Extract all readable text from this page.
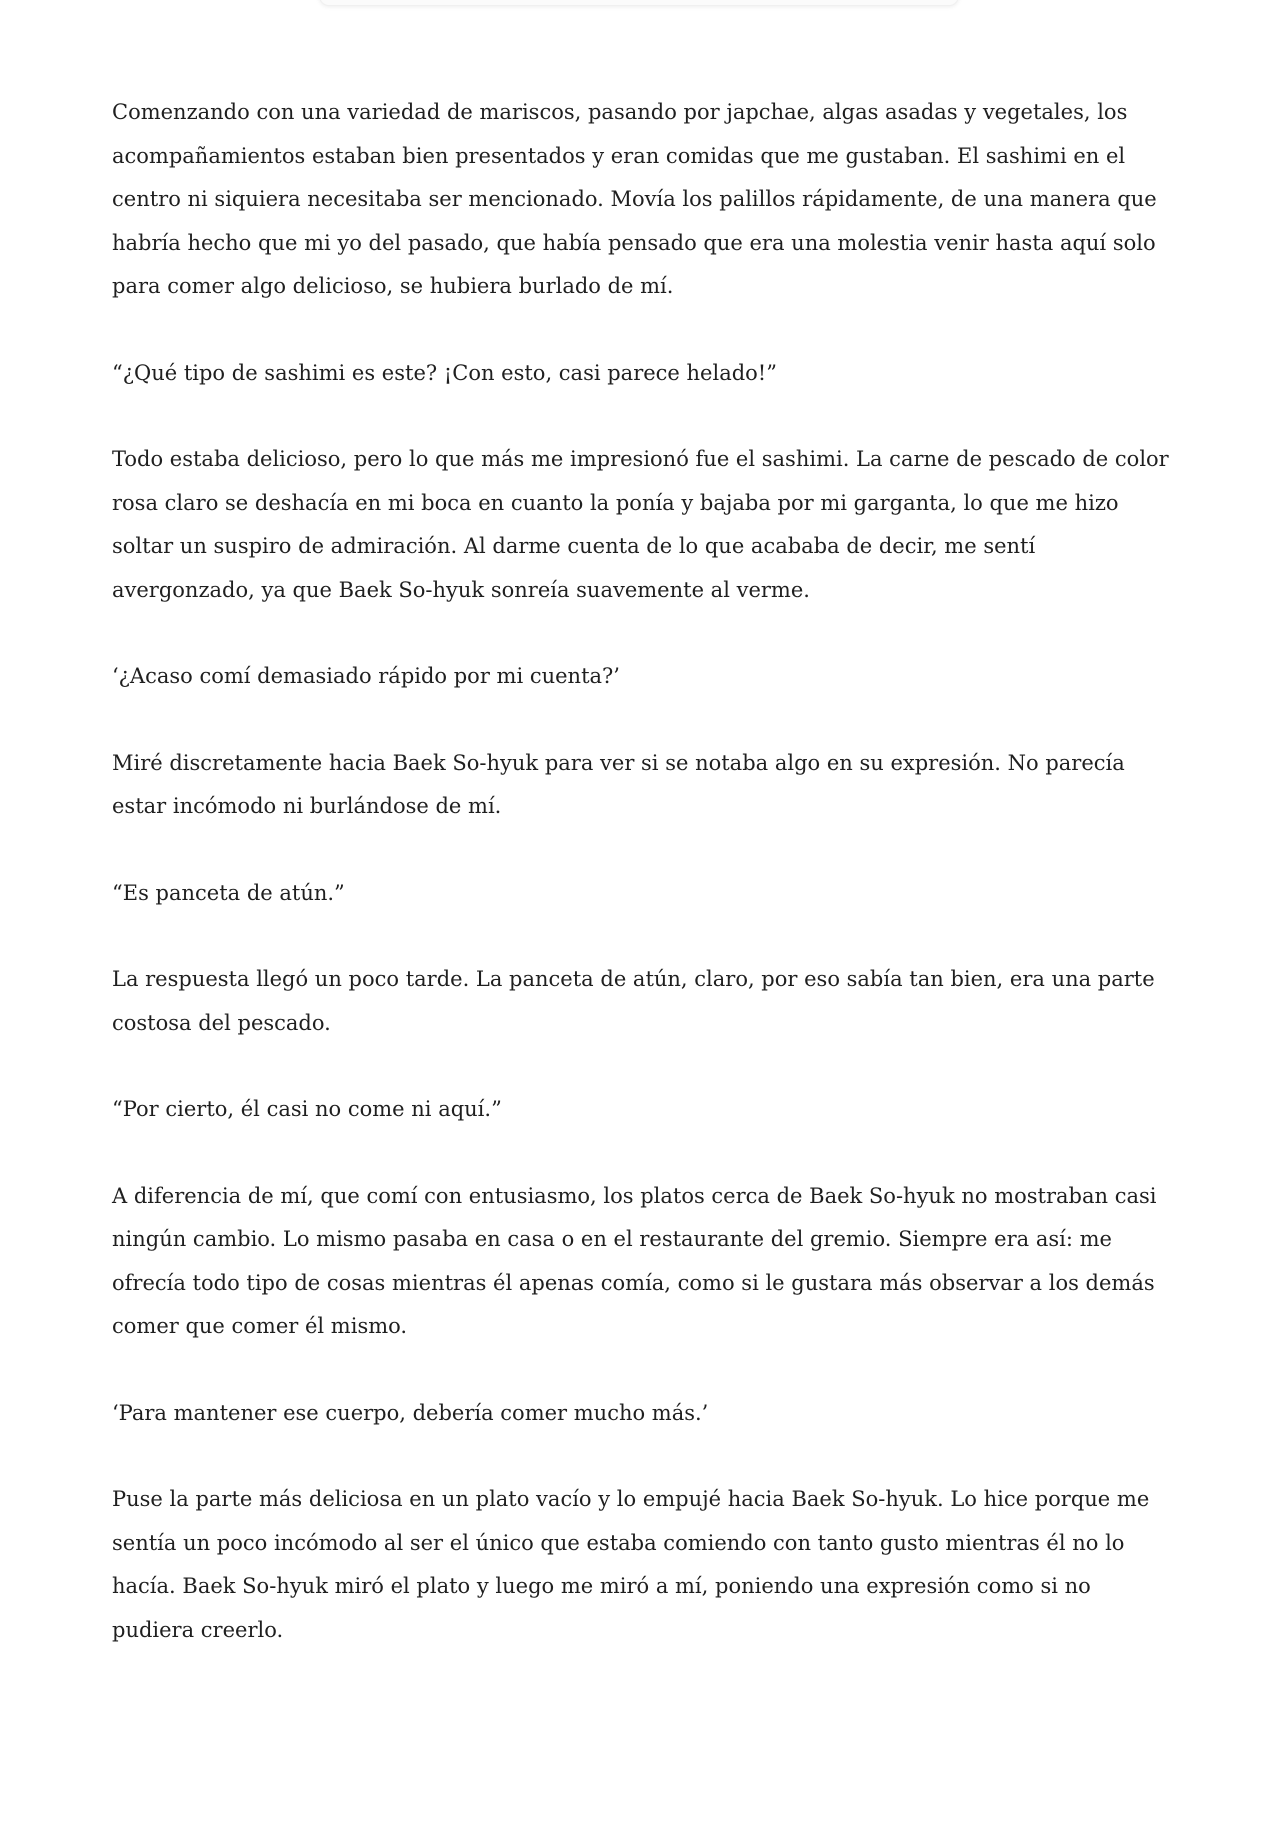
Comenzando con una variedad de mariscos, pasando por japchae, algas asadas y vegetales, los acompañamientos estaban bien presentados y eran comidas que me gustaban. El sashimi en el centro ni siquiera necesitaba ser mencionado. Movía los palillos rápidamente, de una manera que habría hecho que mi yo del pasado, que había pensado que era una molestia venir hasta aquí solo para comer algo delicioso, se hubiera burlado de mí.

“¿Qué tipo de sashimi es este? ¡Con esto, casi parece helado!”

Todo estaba delicioso, pero lo que más me impresionó fue el sashimi. La carne de pescado de color rosa claro se deshacía en mi boca en cuanto la ponía y bajaba por mi garganta, lo que me hizo soltar un suspiro de admiración. Al darme cuenta de lo que acababa de decir, me sentí avergonzado, ya que Baek So-hyuk sonreía suavemente al verme.

‘¿Acaso comí demasiado rápido por mi cuenta?’

Miré discretamente hacia Baek So-hyuk para ver si se notaba algo en su expresión. No parecía estar incómodo ni burlándose de mí.

“Es panceta de atún.”

La respuesta llegó un poco tarde. La panceta de atún, claro, por eso sabía tan bien, era una parte costosa del pescado.

“Por cierto, él casi no come ni aquí.”

A diferencia de mí, que comí con entusiasmo, los platos cerca de Baek So-hyuk no mostraban casi ningún cambio. Lo mismo pasaba en casa o en el restaurante del gremio. Siempre era así: me ofrecía todo tipo de cosas mientras él apenas comía, como si le gustara más observar a los demás comer que comer él mismo.

‘Para mantener ese cuerpo, debería comer mucho más.’

Puse la parte más deliciosa en un plato vacío y lo empujé hacia Baek So-hyuk. Lo hice porque me sentía un poco incómodo al ser el único que estaba comiendo con tanto gusto mientras él no lo hacía. Baek So-hyuk miró el plato y luego me miró a mí, poniendo una expresión como si no pudiera creerlo.
